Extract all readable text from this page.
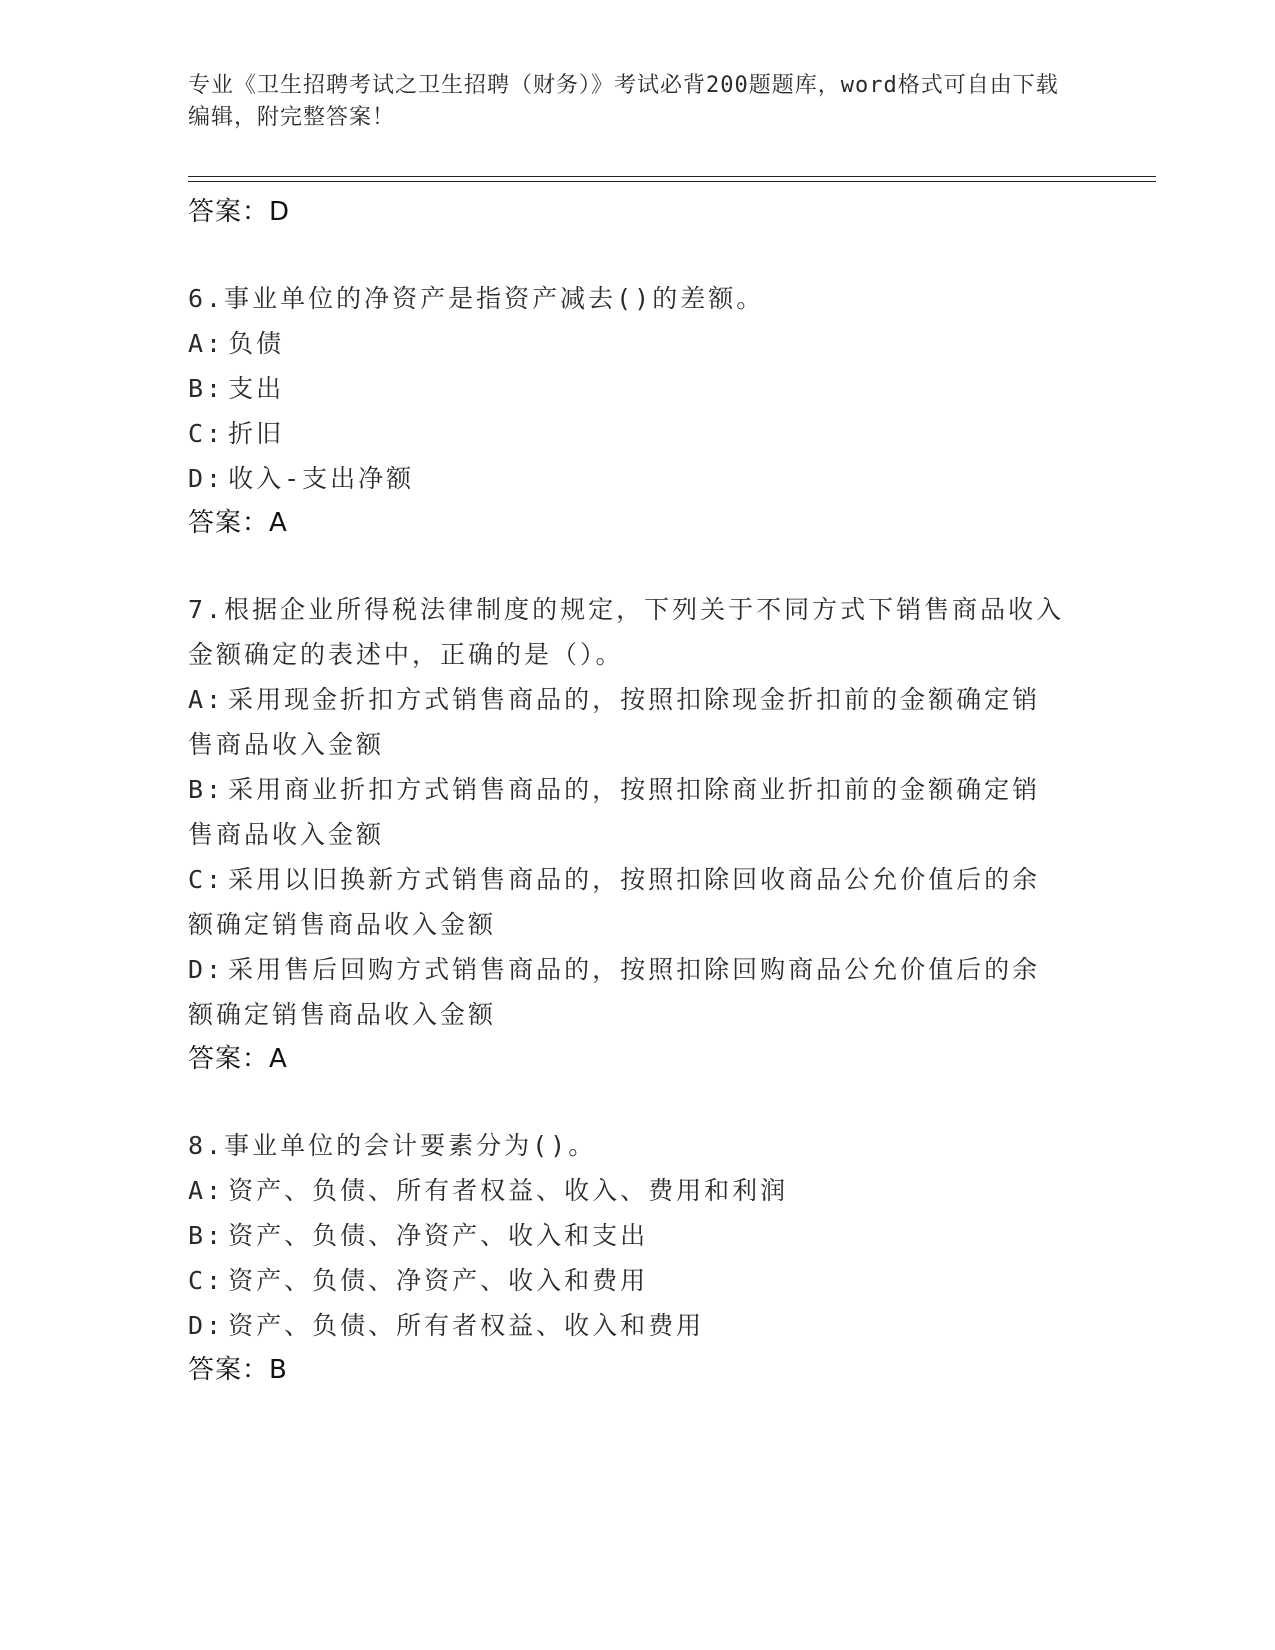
专业《卫生招聘考试之卫生招聘（财务）》考试必背200题题库，word格式可自由下载编辑，附完整答案！
答案：D

6.事业单位的净资产是指资产减去()的差额。

A: 负债

B: 支出

C: 折旧

D: 收入-支出净额

答案：A

7.根据企业所得税法律制度的规定，下列关于不同方式下销售商品收入金额确定的表述中，正确的是（）。

A: 采用现金折扣方式销售商品的，按照扣除现金折扣前的金额确定销售商品收入金额

B: 采用商业折扣方式销售商品的，按照扣除商业折扣前的金额确定销售商品收入金额

C: 采用以旧换新方式销售商品的，按照扣除回收商品公允价值后的余额确定销售商品收入金额

D: 采用售后回购方式销售商品的，按照扣除回购商品公允价值后的余额确定销售商品收入金额

答案：A

8.事业单位的会计要素分为()。

A: 资产、负债、所有者权益、收入、费用和利润

B: 资产、负债、净资产、收入和支出

C: 资产、负债、净资产、收入和费用

D: 资产、负债、所有者权益、收入和费用

答案：B
